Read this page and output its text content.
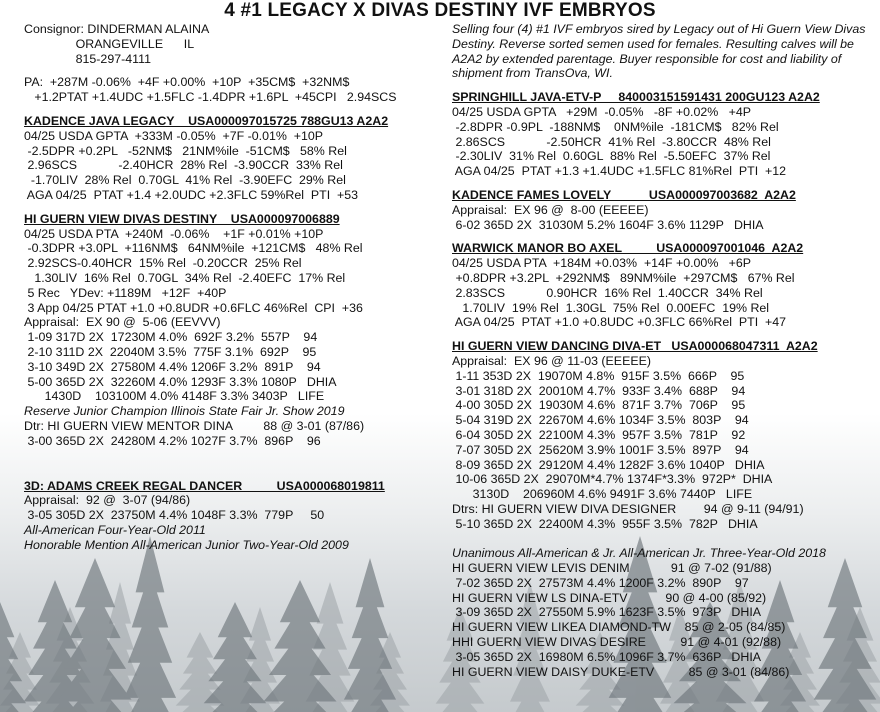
4 #1 LEGACY X DIVAS DESTINY IVF EMBRYOS
Consignor: DINDERMAN ALAINA
ORANGEVILLE      IL
815-297-4111
PA:  +287M -0.06%  +4F +0.00%  +10P  +35CM$  +32NM$
+1.2PTAT +1.4UDC +1.5FLC -1.4DPR +1.6PL  +45CPI   2.94SCS
KADENCE JAVA LEGACY    USA000097015725 788GU13 A2A2
04/25 USDA GPTA  +333M -0.05%  +7F -0.01%  +10P
-2.5DPR +0.2PL   -52NM$   21NM%ile  -51CM$   58% Rel
2.96SCS            -2.40HCR  28% Rel  -3.90CCR  33% Rel
-1.70LIV  28% Rel  0.70GL  41% Rel  -3.90EFC  29% Rel
AGA 04/25  PTAT +1.4 +2.0UDC +2.3FLC 59%Rel  PTI  +53
HI GUERN VIEW DIVAS DESTINY    USA000097006889
04/25 USDA PTA  +240M  -0.06%    +1F +0.01% +10P
-0.3DPR +3.0PL  +116NM$   64NM%ile  +121CM$   48% Rel
2.92SCS-0.40HCR  15% Rel  -0.20CCR  25% Rel
1.30LIV  16% Rel  0.70GL  34% Rel  -2.40EFC  17% Rel
5 Rec   YDev: +1189M   +12F  +40P
3 App 04/25 PTAT +1.0 +0.8UDR +0.6FLC 46%Rel  CPI  +36
Appraisal:  EX 90 @  5-06 (EEVVV)
1-09 317D 2X  17230M 4.0%  692F 3.2%  557P    94
2-10 311D 2X  22040M 3.5%  775F 3.1%  692P    95
3-10 349D 2X  27580M 4.4% 1206F 3.2%  891P    94
5-00 365D 2X  32260M 4.0% 1293F 3.3% 1080P   DHIA
1430D    103100M 4.0% 4148F 3.3% 3403P   LIFE
Reserve Junior Champion Illinois State Fair Jr. Show 2019
Dtr: HI GUERN VIEW MENTOR DINA         88 @ 3-01 (87/86)
3-00 365D 2X  24280M 4.2% 1027F 3.7%  896P    96
3D: ADAMS CREEK REGAL DANCER          USA000068019811
Appraisal:  92 @  3-07 (94/86)
3-05 305D 2X  23750M 4.4% 1048F 3.3%  779P     50
All-American Four-Year-Old 2011
Honorable Mention All-American Junior Two-Year-Old 2009
Selling four (4) #1 IVF embryos sired by Legacy out of Hi Guern View Divas Destiny. Reverse sorted semen used for females. Resulting calves will be A2A2 by extended parentage. Buyer responsible for cost and liability of shipment from TransOva, WI.
SPRINGHILL JAVA-ETV-P     840003151591431 200GU123 A2A2
04/25 USDA GPTA   +29M  -0.05%   -8F +0.02%   +4P
-2.8DPR -0.9PL  -188NM$    0NM%ile  -181CM$   82% Rel
2.86SCS            -2.50HCR  41% Rel  -3.80CCR  48% Rel
-2.30LIV  31% Rel  0.60GL  88% Rel  -5.50EFC  37% Rel
AGA 04/25  PTAT +1.3 +1.4UDC +1.5FLC 81%Rel  PTI  +12
KADENCE FAMES LOVELY           USA000097003682  A2A2
Appraisal:  EX 96 @  8-00 (EEEEE)
6-02 365D 2X  31030M 5.2% 1604F 3.6% 1129P   DHIA
WARWICK MANOR BO AXEL          USA000097001046  A2A2
04/25 USDA PTA  +184M +0.03%  +14F +0.00%   +6P
+0.8DPR +3.2PL  +292NM$   89NM%ile  +297CM$   67% Rel
2.83SCS            0.90HCR  16% Rel  1.40CCR  34% Rel
1.70LIV  19% Rel  1.30GL  75% Rel  0.00EFC  19% Rel
AGA 04/25  PTAT +1.0 +0.8UDC +0.3FLC 66%Rel  PTI  +47
HI GUERN VIEW DANCING DIVA-ET   USA000068047311  A2A2
Appraisal:  EX 96 @ 11-03 (EEEEE)
1-11 353D 2X  19070M 4.8%  915F 3.5%  666P    95
3-01 318D 2X  20010M 4.7%  933F 3.4%  688P    94
4-00 305D 2X  19030M 4.6%  871F 3.7%  706P    95
5-04 319D 2X  22670M 4.6% 1034F 3.5%  803P    94
6-04 305D 2X  22100M 4.3%  957F 3.5%  781P    92
7-07 305D 2X  25620M 3.9% 1001F 3.5%  897P    94
8-09 365D 2X  29120M 4.4% 1282F 3.6% 1040P   DHIA
10-06 365D 2X  29070M*4.7% 1374F*3.3%  972P*  DHIA
3130D    206960M 4.6% 9491F 3.6% 7440P   LIFE
Dtrs: HI GUERN VIEW DIVA DESIGNER        94 @ 9-11 (94/91)
5-10 365D 2X  22400M 4.3%  955F 3.5%  782P   DHIA
Unanimous All-American & Jr. All-American Jr. Three-Year-Old 2018
HI GUERN VIEW LEVIS DENIM            91 @ 7-02 (91/88)
7-02 365D 2X  27573M 4.4% 1200F 3.2%  890P    97
HI GUERN VIEW LS DINA-ETV           90 @ 4-00 (85/92)
3-09 365D 2X  27550M 5.9% 1623F 3.5%  973P   DHIA
HI GUERN VIEW LIKEA DIAMOND-TW    85 @ 2-05 (84/85)
HHI GUERN VIEW DIVAS DESIRE          91 @ 4-01 (92/88)
3-05 365D 2X  16980M 6.5% 1096F 3.7%  636P   DHIA
HI GUERN VIEW DAISY DUKE-ETV          85 @ 3-01 (84/86)
